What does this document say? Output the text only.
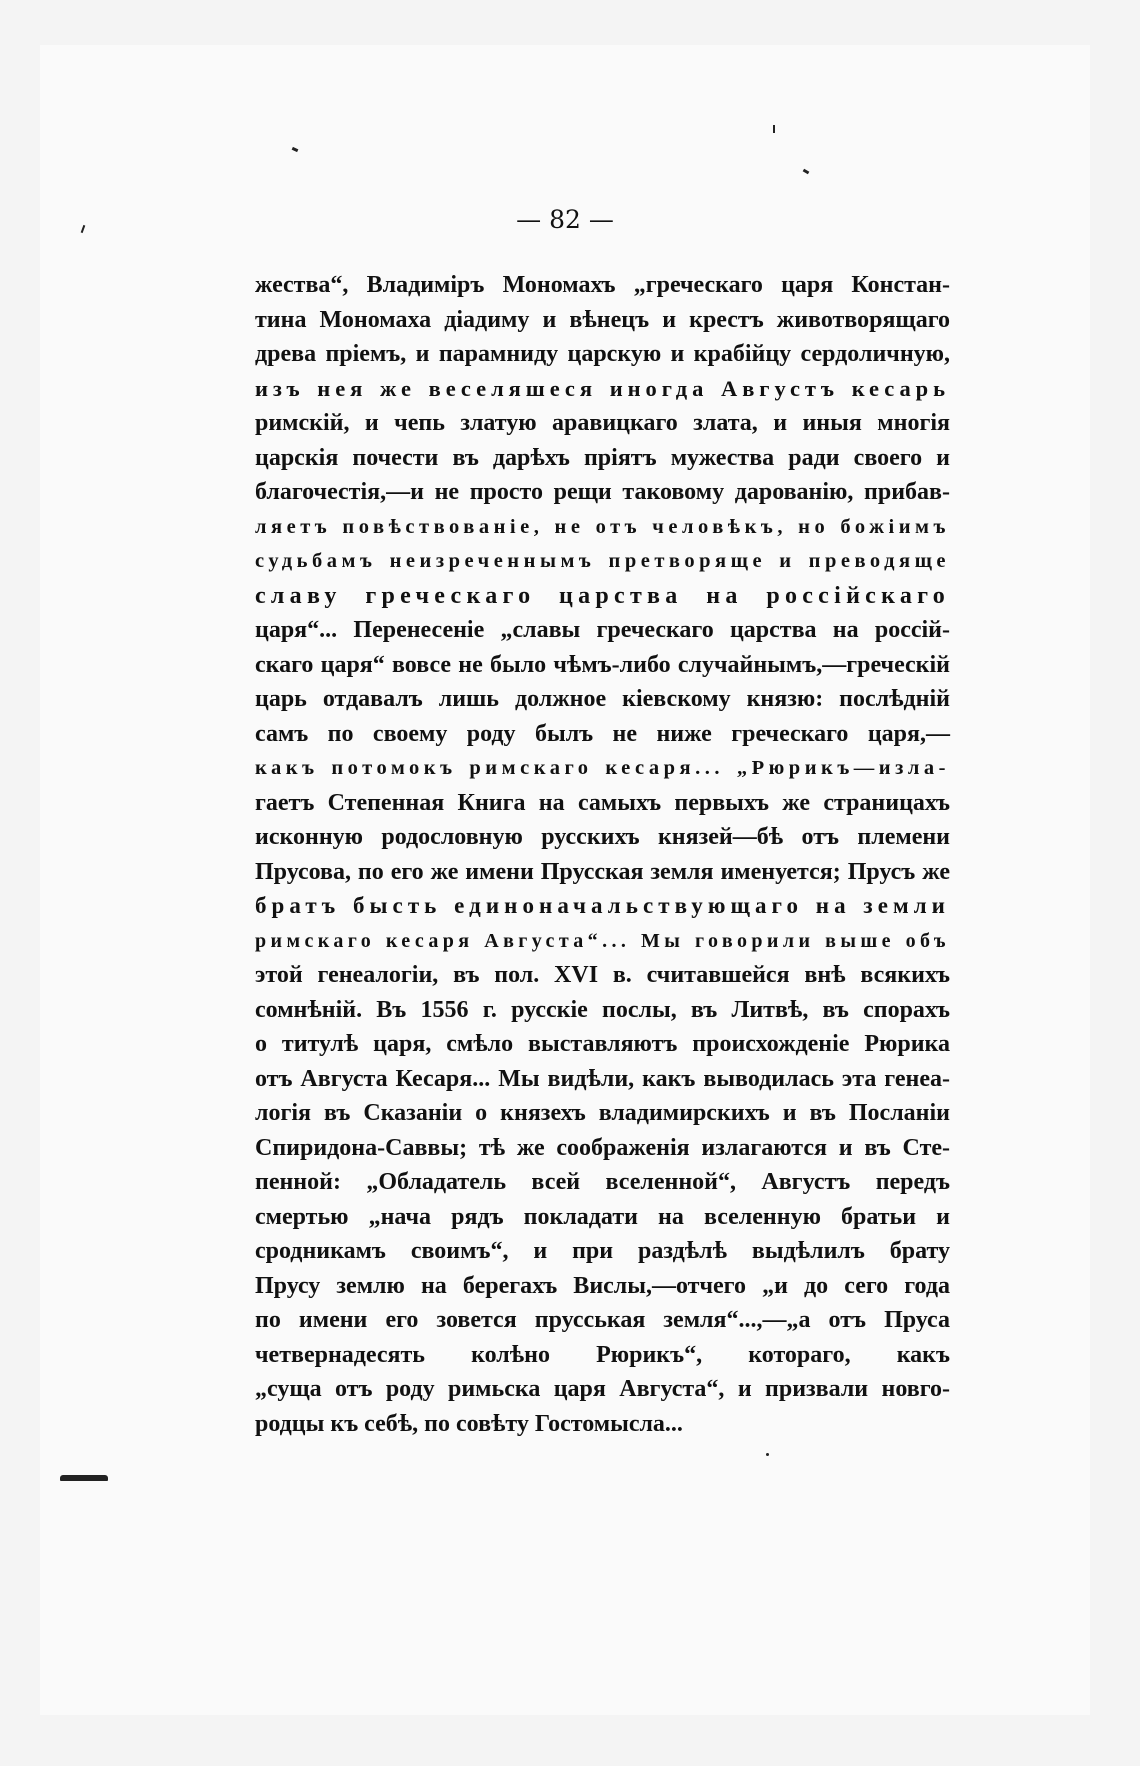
— 82 —
жества“, Владиміръ Мономахъ „греческаго царя Констан-
тина Мономаха діадиму и вѣнецъ и крестъ животворящаго
древа пріемъ, и парамниду царскую и крабійцу сердоличную,
изъ нея же веселяшеся иногда Августъ кесарь
римскій, и чепь златую аравицкаго злата, и иныя многія
царскія почести въ дарѣхъ пріятъ мужества ради своего и
благочестія,—и не просто рещи таковому дарованію, прибав-
ляетъ повѣствованіе, не отъ человѣкъ, но божіимъ
судьбамъ неизреченнымъ претворяще и преводяще
славу греческаго царства на россійскаго
царя“... Перенесеніе „славы греческаго царства на россій-
скаго царя“ вовсе не было чѣмъ-либо случайнымъ,—греческій
царь отдавалъ лишь должное кіевскому князю: послѣдній
самъ по своему роду былъ не ниже греческаго царя,—
какъ потомокъ римскаго кесаря... „Рюрикъ—излa-
гаетъ Степенная Книга на самыхъ первыхъ же страницахъ
исконную родословную русскихъ князей—бѣ отъ племени
Прусова, по его же имени Прусская земля именуется; Прусъ же
братъ бысть единоначальствующаго на земли
римскаго кесаря Августа“... Мы говорили выше объ
этой генеалогіи, въ пол. XVI в. считавшейся внѣ всякихъ
сомнѣній. Въ 1556 г. русскіе послы, въ Литвѣ, въ спорахъ
о титулѣ царя, смѣло выставляютъ происхожденіе Рюрика
отъ Августа Кесаря... Мы видѣли, какъ выводилась эта генеа-
логія въ Сказаніи о князехъ владимирскихъ и въ Посланіи
Спиридона-Саввы; тѣ же соображенія излагаются и въ Сте-
пенной: „Обладатель всей вселенной“, Августъ передъ
смертью „нача рядъ покладати на вселенную братьи и
сродникамъ своимъ“, и при раздѣлѣ выдѣлилъ брату
Прусу землю на берегахъ Вислы,—отчего „и до сего года
по имени его зовется прусськая земля“...,—„а отъ Пруса
четвернадесять колѣно Рюрикъ“, котораго, какъ
„суща отъ роду римьска царя Августа“, и призвали новго-
родцы къ себѣ, по совѣту Гостомысла...
